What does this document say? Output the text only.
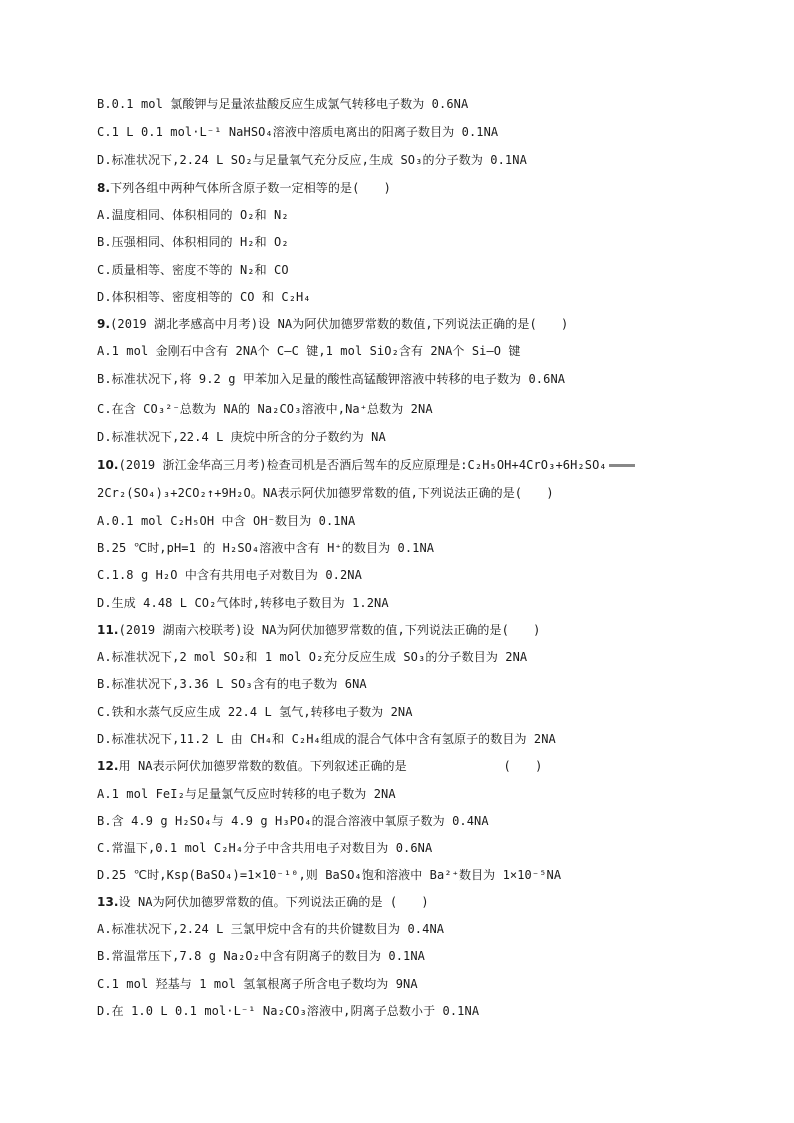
B.0.1 mol 氯酸钾与足量浓盐酸反应生成氯气转移电子数为 0.6NA
C.1 L 0.1 mol·L⁻¹ NaHSO₄溶液中溶质电离出的阳离子数目为 0.1NA
D.标准状况下,2.24 L SO₂与足量氧气充分反应,生成 SO₃的分子数为 0.1NA
8.下列各组中两种气体所含原子数一定相等的是(　　)
A.温度相同、体积相同的 O₂和 N₂
B.压强相同、体积相同的 H₂和 O₂
C.质量相等、密度不等的 N₂和 CO
D.体积相等、密度相等的 CO 和 C₂H₄
9.(2019 湖北孝感高中月考)设 NA为阿伏加德罗常数的数值,下列说法正确的是(　　)
A.1 mol 金刚石中含有 2NA个 C—C 键,1 mol SiO₂含有 2NA个 Si—O 键
B.标准状况下,将 9.2 g 甲苯加入足量的酸性高锰酸钾溶液中转移的电子数为 0.6NA
C.在含 CO₃²⁻总数为 NA的 Na₂CO₃溶液中,Na⁺总数为 2NA
D.标准状况下,22.4 L 庚烷中所含的分子数约为 NA
10.(2019 浙江金华高三月考)检查司机是否酒后驾车的反应原理是:C₂H₅OH+4CrO₃+6H₂SO₄
2Cr₂(SO₄)₃+2CO₂↑+9H₂O。NA表示阿伏加德罗常数的值,下列说法正确的是(　　)
A.0.1 mol C₂H₅OH 中含 OH⁻数目为 0.1NA
B.25 ℃时,pH=1 的 H₂SO₄溶液中含有 H⁺的数目为 0.1NA
C.1.8 g H₂O 中含有共用电子对数目为 0.2NA
D.生成 4.48 L CO₂气体时,转移电子数目为 1.2NA
11.(2019 湖南六校联考)设 NA为阿伏加德罗常数的值,下列说法正确的是(　　)
A.标准状况下,2 mol SO₂和 1 mol O₂充分反应生成 SO₃的分子数目为 2NA
B.标准状况下,3.36 L SO₃含有的电子数为 6NA
C.铁和水蒸气反应生成 22.4 L 氢气,转移电子数为 2NA
D.标准状况下,11.2 L 由 CH₄和 C₂H₄组成的混合气体中含有氢原子的数目为 2NA
12.用 NA表示阿伏加德罗常数的数值。下列叙述正确的是　　　　　　　　(　　)
A.1 mol FeI₂与足量氯气反应时转移的电子数为 2NA
B.含 4.9 g H₂SO₄与 4.9 g H₃PO₄的混合溶液中氧原子数为 0.4NA
C.常温下,0.1 mol C₂H₄分子中含共用电子对数目为 0.6NA
D.25 ℃时,Ksp(BaSO₄)=1×10⁻¹⁰,则 BaSO₄饱和溶液中 Ba²⁺数目为 1×10⁻⁵NA
13.设 NA为阿伏加德罗常数的值。下列说法正确的是 (　　)
A.标准状况下,2.24 L 三氯甲烷中含有的共价键数目为 0.4NA
B.常温常压下,7.8 g Na₂O₂中含有阴离子的数目为 0.1NA
C.1 mol 羟基与 1 mol 氢氧根离子所含电子数均为 9NA
D.在 1.0 L 0.1 mol·L⁻¹ Na₂CO₃溶液中,阴离子总数小于 0.1NA
